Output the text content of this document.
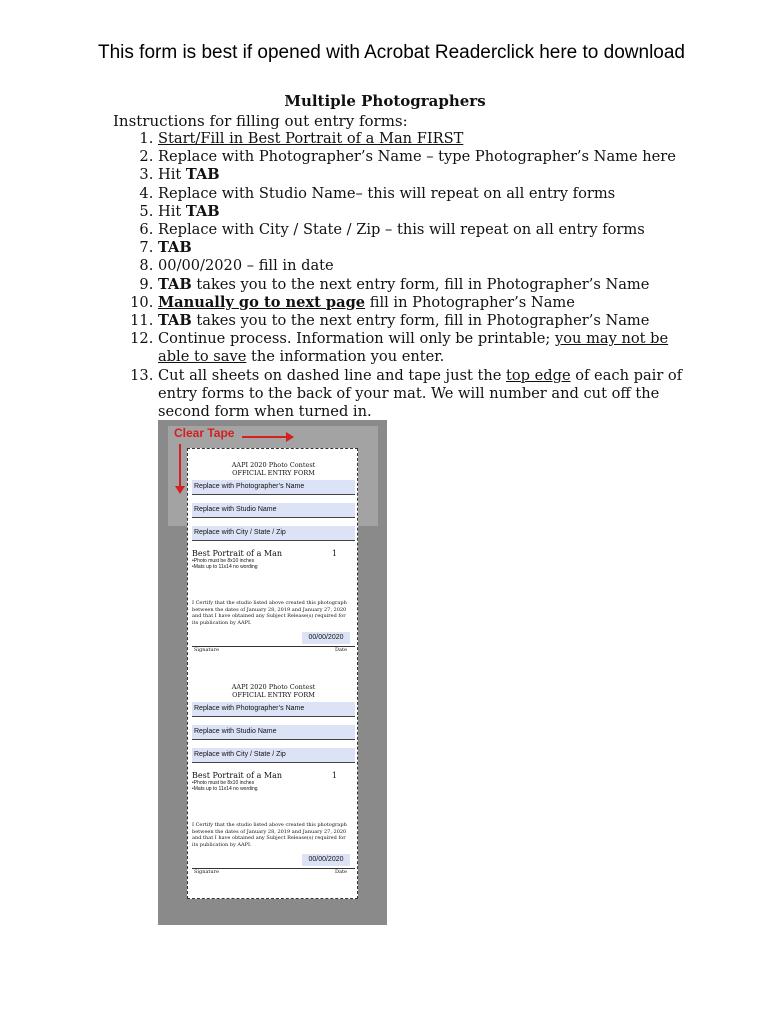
This form is best if opened with Acrobat Reader click here to download
Multiple Photographers
Instructions for filling out entry forms:
1. Start/Fill in Best Portrait of a Man FIRST
2. Replace with Photographer’s Name – type Photographer’s Name here
3. Hit TAB
4. Replace with Studio Name– this will repeat on all entry forms
5. Hit TAB
6. Replace with City / State / Zip – this will repeat on all entry forms
7. TAB
8. 00/00/2020 – fill in date
9. TAB takes you to the next entry form, fill in Photographer’s Name
10. Manually go to next page fill in Photographer’s Name
11. TAB takes you to the next entry form, fill in Photographer’s Name
12. Continue process. Information will only be printable; you may not be able to save the information you enter.
13. Cut all sheets on dashed line and tape just the top edge of each pair of entry forms to the back of your mat. We will number and cut off the second form when turned in.
AAPI 2020 Photo Contest
OFFICIAL ENTRY FORM
Replace with Photographer’s Name
Replace with Studio Name
Replace with City / State / Zip
Best Portrait of a Man	1
•Photo must be 8x10 inches
•Mats up to 11x14 no wording
I Certify that the studio listed above created this photograph between the dates of January 28, 2019 and January 27, 2020 and that I have obtained any Subject Release(s) required for its publication by AAPI.
00/00/2020
Signature	Date
AAPI 2020 Photo Contest
OFFICIAL ENTRY FORM
Replace with Photographer’s Name
Replace with Studio Name
Replace with City / State / Zip
Best Portrait of a Man	1
•Photo must be 8x10 inches
•Mats up to 11x14 no wording
I Certify that the studio listed above created this photograph between the dates of January 28, 2019 and January 27, 2020 and that I have obtained any Subject Release(s) required for its publication by AAPI.
00/00/2020
Signature	Date
Clear Tape
